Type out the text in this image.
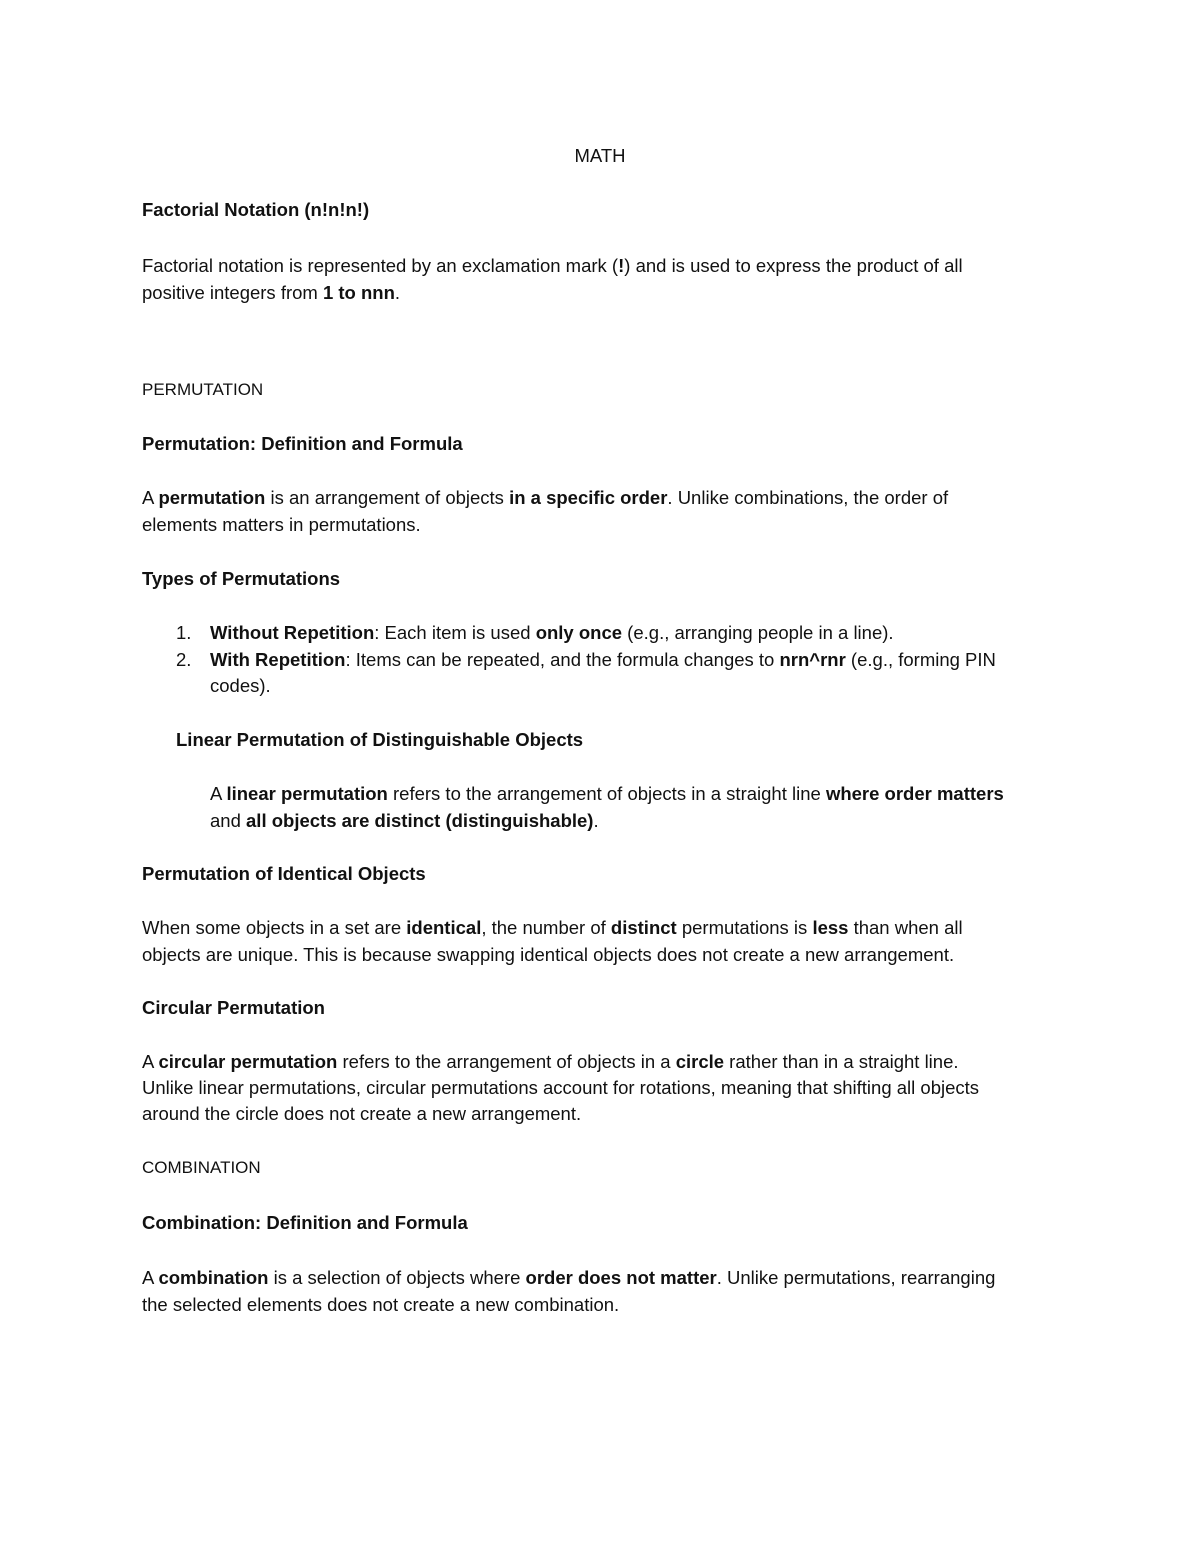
MATH
Factorial Notation (n!n!n!)
Factorial notation is represented by an exclamation mark (!) and is used to express the product of all
positive integers from 1 to nnn.
PERMUTATION
Permutation: Definition and Formula
A permutation is an arrangement of objects in a specific order. Unlike combinations, the order of
elements matters in permutations.
Types of Permutations
1. Without Repetition: Each item is used only once (e.g., arranging people in a line).
2. With Repetition: Items can be repeated, and the formula changes to nrn^rnr (e.g., forming PIN
codes).
Linear Permutation of Distinguishable Objects
A linear permutation refers to the arrangement of objects in a straight line where order matters
and all objects are distinct (distinguishable).
Permutation of Identical Objects
When some objects in a set are identical, the number of distinct permutations is less than when all
objects are unique. This is because swapping identical objects does not create a new arrangement.
Circular Permutation
A circular permutation refers to the arrangement of objects in a circle rather than in a straight line.
Unlike linear permutations, circular permutations account for rotations, meaning that shifting all objects
around the circle does not create a new arrangement.
COMBINATION
Combination: Definition and Formula
A combination is a selection of objects where order does not matter. Unlike permutations, rearranging
the selected elements does not create a new combination.
